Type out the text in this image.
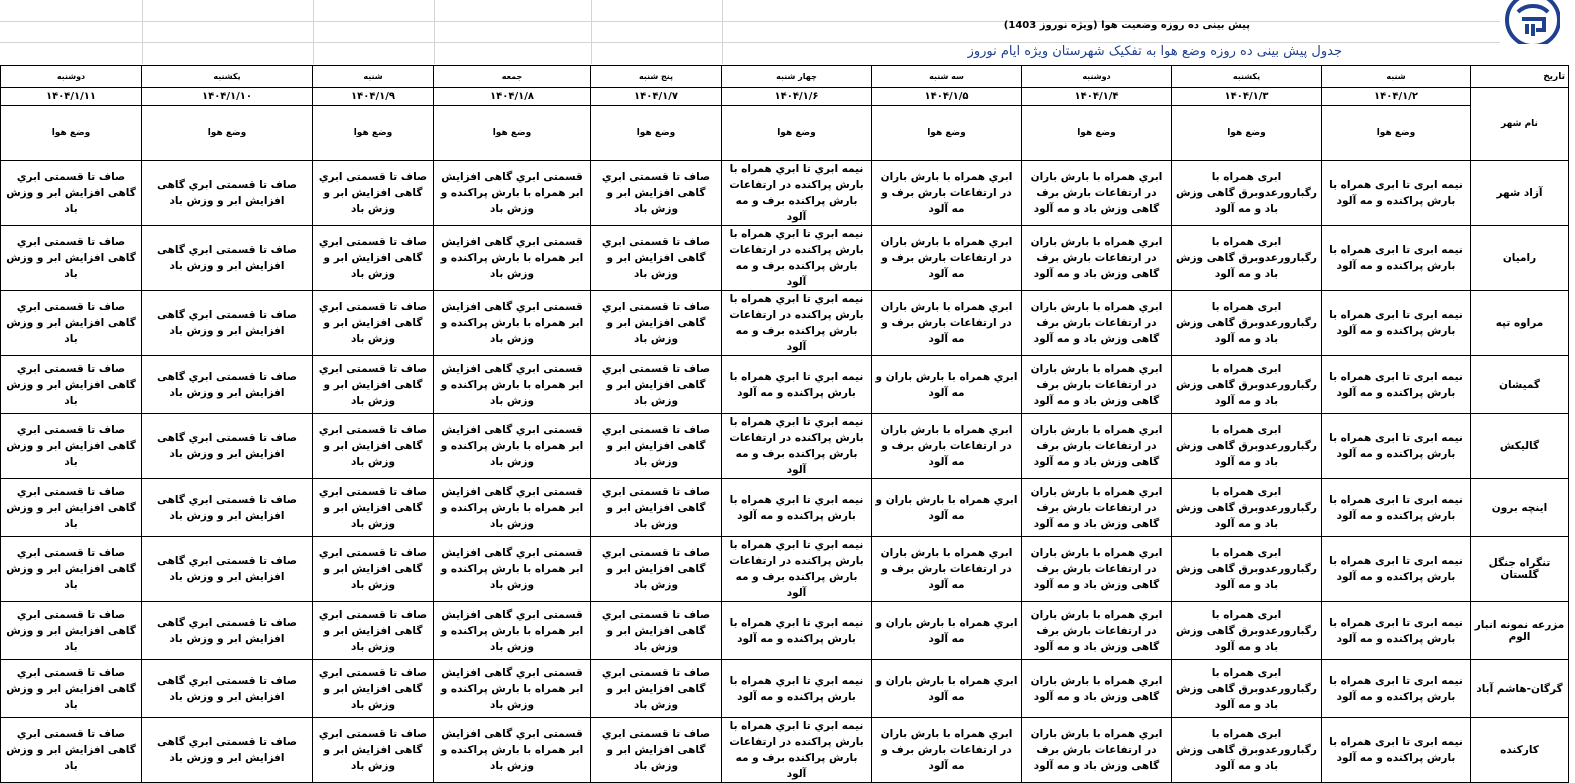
پیش بینی ده روزه وضعیت هوا (ویژه نوروز 1403)
جدول پیش بینی ده روزه وضع هوا به تفکیک شهرستان ویژه ایام نوروز
تاریخ	شنبه	یکشنبه	دوشنبه	سه شنبه	چهار شنبه	پنج شنبه	جمعه	شنبه	یکشنبه	دوشنبه
نام شهر	۱۴۰۴/۱/۲	۱۴۰۴/۱/۳	۱۴۰۴/۱/۴	۱۴۰۴/۱/۵	۱۴۰۴/۱/۶	۱۴۰۴/۱/۷	۱۴۰۴/۱/۸	۱۴۰۴/۱/۹	۱۴۰۴/۱/۱۰	۱۴۰۴/۱/۱۱
	وضع هوا	وضع هوا	وضع هوا	وضع هوا	وضع هوا	وضع هوا	وضع هوا	وضع هوا	وضع هوا	وضع هوا
آزاد شهر	نیمه ابری تا ابری همراه با بارش پراکنده و مه آلود	ابری همراه با رگبارورعدوبرق گاهی وزش باد و مه آلود	ابري همراه با بارش باران در ارتفاعات بارش برف گاهی وزش باد و مه آلود	ابري همراه با بارش باران در ارتفاعات بارش برف و مه آلود	نیمه ابري تا ابري همراه با بارش پراکنده در ارتفاعات بارش پراکنده برف و مه آلود	صاف تا قسمتی ابري گاهی افزایش ابر و وزش باد	قسمتی ابري گاهی افزایش ابر همراه با بارش پراکنده و وزش باد	صاف تا قسمتی ابري گاهی افزایش ابر و وزش باد	صاف تا قسمتی ابري گاهی افزایش ابر و وزش باد	صاف تا قسمتی ابري گاهی افزایش ابر و وزش باد
رامیان	نیمه ابری تا ابری همراه با بارش پراکنده و مه آلود	ابری همراه با رگبارورعدوبرق گاهی وزش باد و مه آلود	ابري همراه با بارش باران در ارتفاعات بارش برف گاهی وزش باد و مه آلود	ابري همراه با بارش باران در ارتفاعات بارش برف و مه آلود	نیمه ابري تا ابري همراه با بارش پراکنده در ارتفاعات بارش پراکنده برف و مه آلود	صاف تا قسمتی ابري گاهی افزایش ابر و وزش باد	قسمتی ابري گاهی افزایش ابر همراه با بارش پراکنده و وزش باد	صاف تا قسمتی ابري گاهی افزایش ابر و وزش باد	صاف تا قسمتی ابري گاهی افزایش ابر و وزش باد	صاف تا قسمتی ابري گاهی افزایش ابر و وزش باد
مراوه تپه	نیمه ابری تا ابری همراه با بارش پراکنده و مه آلود	ابری همراه با رگبارورعدوبرق گاهی وزش باد و مه آلود	ابري همراه با بارش باران در ارتفاعات بارش برف گاهی وزش باد و مه آلود	ابري همراه با بارش باران در ارتفاعات بارش برف و مه آلود	نیمه ابري تا ابري همراه با بارش پراکنده در ارتفاعات بارش پراکنده برف و مه آلود	صاف تا قسمتی ابري گاهی افزایش ابر و وزش باد	قسمتی ابري گاهی افزایش ابر همراه با بارش پراکنده و وزش باد	صاف تا قسمتی ابري گاهی افزایش ابر و وزش باد	صاف تا قسمتی ابري گاهی افزایش ابر و وزش باد	صاف تا قسمتی ابري گاهی افزایش ابر و وزش باد
گمیشان	نیمه ابری تا ابری همراه با بارش پراکنده و مه آلود	ابری همراه با رگبارورعدوبرق گاهی وزش باد و مه آلود	ابري همراه با بارش باران در ارتفاعات بارش برف گاهی وزش باد و مه آلود	ابري همراه با بارش باران و مه آلود	نیمه ابري تا ابري همراه با بارش پراکنده و مه آلود	صاف تا قسمتی ابري گاهی افزایش ابر و وزش باد	قسمتی ابري گاهی افزایش ابر همراه با بارش پراکنده و وزش باد	صاف تا قسمتی ابري گاهی افزایش ابر و وزش باد	صاف تا قسمتی ابري گاهی افزایش ابر و وزش باد	صاف تا قسمتی ابري گاهی افزایش ابر و وزش باد
گالیکش	نیمه ابری تا ابری همراه با بارش پراکنده و مه آلود	ابری همراه با رگبارورعدوبرق گاهی وزش باد و مه آلود	ابري همراه با بارش باران در ارتفاعات بارش برف گاهی وزش باد و مه آلود	ابري همراه با بارش باران در ارتفاعات بارش برف و مه آلود	نیمه ابري تا ابري همراه با بارش پراکنده در ارتفاعات بارش پراکنده برف و مه آلود	صاف تا قسمتی ابري گاهی افزایش ابر و وزش باد	قسمتی ابري گاهی افزایش ابر همراه با بارش پراکنده و وزش باد	صاف تا قسمتی ابري گاهی افزایش ابر و وزش باد	صاف تا قسمتی ابري گاهی افزایش ابر و وزش باد	صاف تا قسمتی ابري گاهی افزایش ابر و وزش باد
اینچه برون	نیمه ابری تا ابری همراه با بارش پراکنده و مه آلود	ابری همراه با رگبارورعدوبرق گاهی وزش باد و مه آلود	ابري همراه با بارش باران در ارتفاعات بارش برف گاهی وزش باد و مه آلود	ابري همراه با بارش باران و مه آلود	نیمه ابري تا ابري همراه با بارش پراکنده و مه آلود	صاف تا قسمتی ابري گاهی افزایش ابر و وزش باد	قسمتی ابري گاهی افزایش ابر همراه با بارش پراکنده و وزش باد	صاف تا قسمتی ابري گاهی افزایش ابر و وزش باد	صاف تا قسمتی ابري گاهی افزایش ابر و وزش باد	صاف تا قسمتی ابري گاهی افزایش ابر و وزش باد
تنگراه جنگل گلستان	نیمه ابری تا ابری همراه با بارش پراکنده و مه آلود	ابری همراه با رگبارورعدوبرق گاهی وزش باد و مه آلود	ابري همراه با بارش باران در ارتفاعات بارش برف گاهی وزش باد و مه آلود	ابري همراه با بارش باران در ارتفاعات بارش برف و مه آلود	نیمه ابري تا ابري همراه با بارش پراکنده در ارتفاعات بارش پراکنده برف و مه آلود	صاف تا قسمتی ابري گاهی افزایش ابر و وزش باد	قسمتی ابري گاهی افزایش ابر همراه با بارش پراکنده و وزش باد	صاف تا قسمتی ابري گاهی افزایش ابر و وزش باد	صاف تا قسمتی ابري گاهی افزایش ابر و وزش باد	صاف تا قسمتی ابري گاهی افزایش ابر و وزش باد
مزرعه نمونه انبار الوم	نیمه ابری تا ابری همراه با بارش پراکنده و مه آلود	ابری همراه با رگبارورعدوبرق گاهی وزش باد و مه آلود	ابري همراه با بارش باران در ارتفاعات بارش برف گاهی وزش باد و مه آلود	ابري همراه با بارش باران و مه آلود	نیمه ابري تا ابري همراه با بارش پراکنده و مه آلود	صاف تا قسمتی ابري گاهی افزایش ابر و وزش باد	قسمتی ابري گاهی افزایش ابر همراه با بارش پراکنده و وزش باد	صاف تا قسمتی ابري گاهی افزایش ابر و وزش باد	صاف تا قسمتی ابري گاهی افزایش ابر و وزش باد	صاف تا قسمتی ابري گاهی افزایش ابر و وزش باد
گرگان-هاشم آباد	نیمه ابری تا ابری همراه با بارش پراکنده و مه آلود	ابری همراه با رگبارورعدوبرق گاهی وزش باد و مه آلود	ابري همراه با بارش باران گاهی وزش باد و مه آلود	ابري همراه با بارش باران و مه آلود	نیمه ابري تا ابري همراه با بارش پراکنده و مه آلود	صاف تا قسمتی ابري گاهی افزایش ابر و وزش باد	قسمتی ابري گاهی افزایش ابر همراه با بارش پراکنده و وزش باد	صاف تا قسمتی ابري گاهی افزایش ابر و وزش باد	صاف تا قسمتی ابري گاهی افزایش ابر و وزش باد	صاف تا قسمتی ابري گاهی افزایش ابر و وزش باد
کارکنده	نیمه ابری تا ابری همراه با بارش پراکنده و مه آلود	ابری همراه با رگبارورعدوبرق گاهی وزش باد و مه آلود	ابري همراه با بارش باران در ارتفاعات بارش برف گاهی وزش باد و مه آلود	ابري همراه با بارش باران در ارتفاعات بارش برف و مه آلود	نیمه ابري تا ابري همراه با بارش پراکنده در ارتفاعات بارش پراکنده برف و مه آلود	صاف تا قسمتی ابري گاهی افزایش ابر و وزش باد	قسمتی ابري گاهی افزایش ابر همراه با بارش پراکنده و وزش باد	صاف تا قسمتی ابري گاهی افزایش ابر و وزش باد	صاف تا قسمتی ابري گاهی افزایش ابر و وزش باد	صاف تا قسمتی ابري گاهی افزایش ابر و وزش باد
